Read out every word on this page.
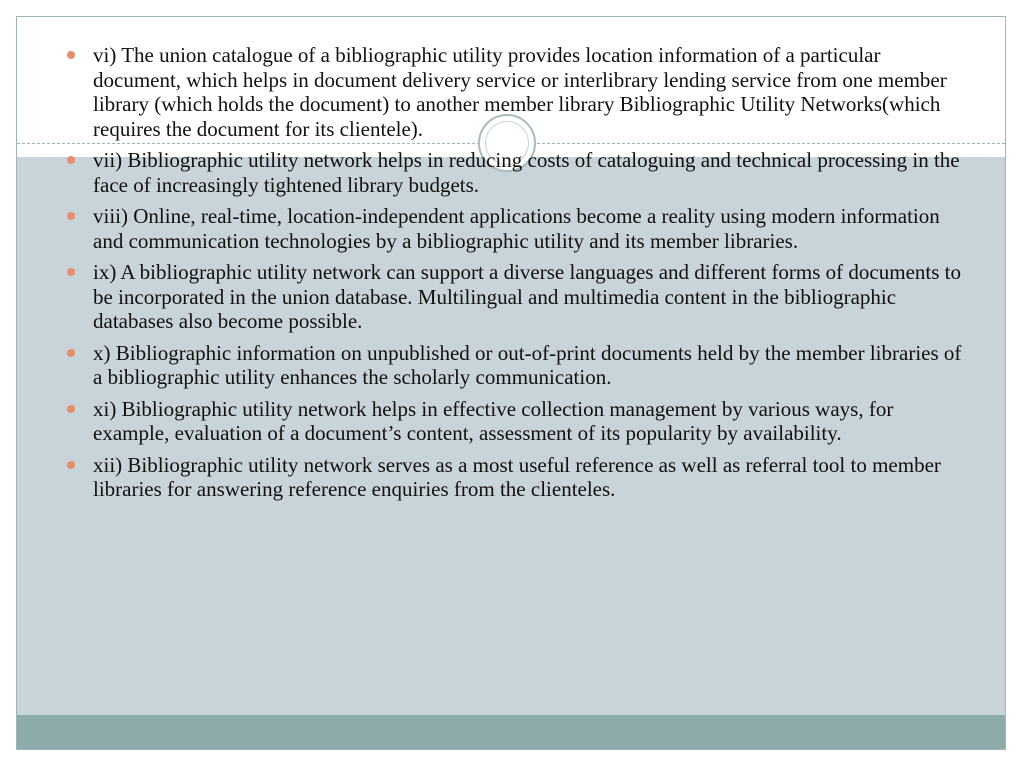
vi) The union catalogue of a bibliographic utility provides location information of a particular document, which helps in document delivery service or interlibrary lending service from one member library (which holds the document) to another member library Bibliographic Utility Networks(which requires the document for its clientele).
vii) Bibliographic utility network helps in reducing costs of cataloguing and technical processing in the face of increasingly tightened library budgets.
viii) Online, real-time, location-independent applications become a reality using modern information and communication technologies by a bibliographic utility and its member libraries.
ix) A bibliographic utility network can support a diverse languages and different forms of documents to be incorporated in the union database. Multilingual and multimedia content in the bibliographic databases also become possible.
x) Bibliographic information on unpublished or out-of-print documents held by the member libraries of a bibliographic utility enhances the scholarly communication.
xi) Bibliographic utility network helps in effective collection management by various ways, for example, evaluation of a document’s content, assessment of its popularity by availability.
xii) Bibliographic utility network serves as a most useful reference as well as referral tool to member libraries for answering reference enquiries from the clienteles.
